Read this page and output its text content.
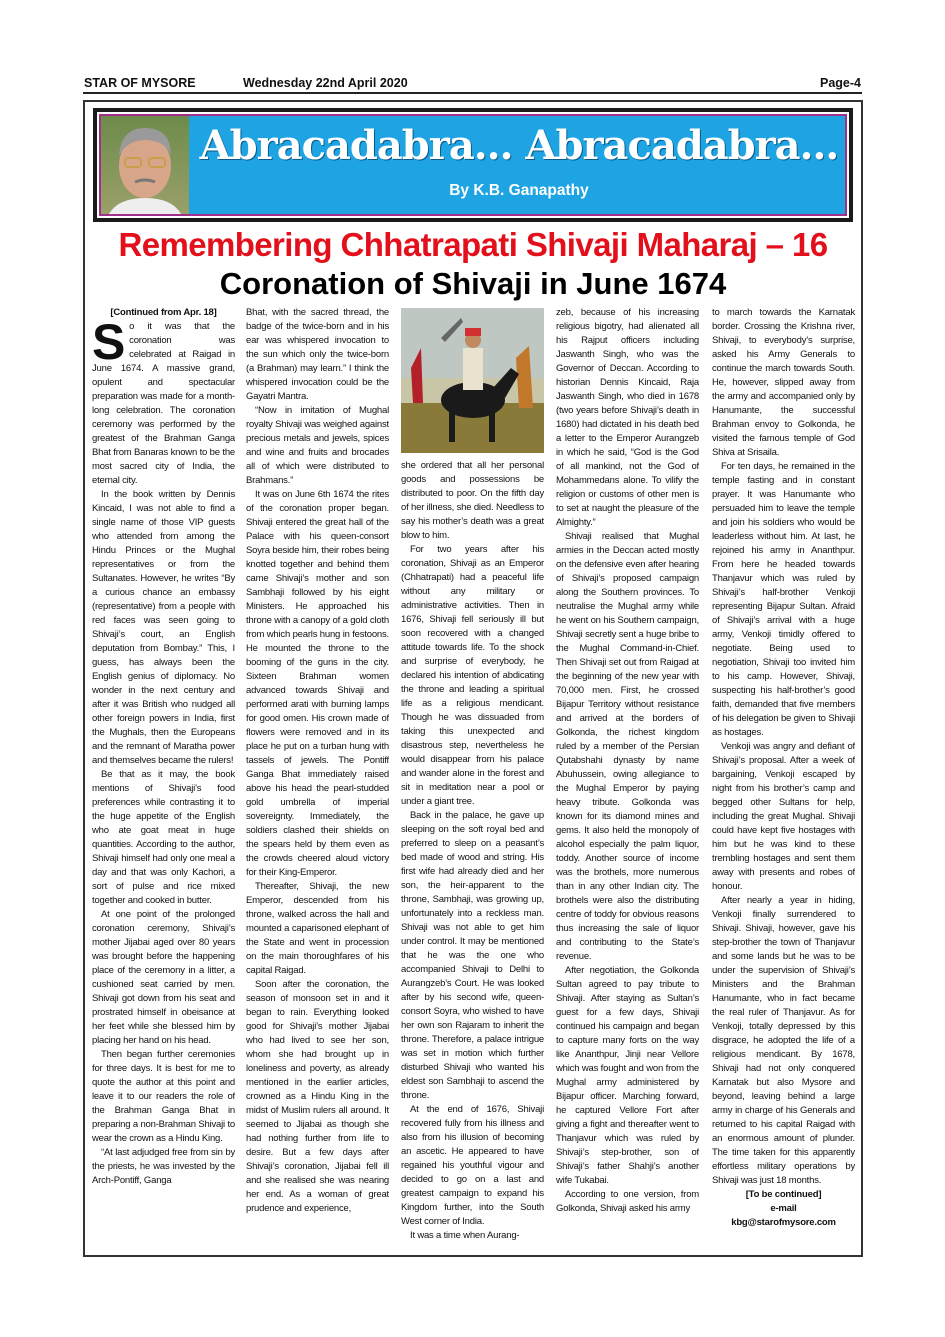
STAR OF MYSORE	Wednesday 22nd April 2020	Page-4
Abracadabra... Abracadabra...
By K.B. Ganapathy
Remembering Chhatrapati Shivaji Maharaj – 16
Coronation of Shivaji in June 1674

[Continued from Apr. 18]

S o it was that the coronation was celebrated at Raigad in June 1674. A massive grand, opulent and spectacular preparation was made for a month-long celebration. The coronation ceremony was performed by the greatest of the Brahman Ganga Bhat from Banaras known to be the most sacred city of India, the eternal city.

In the book written by Dennis Kincaid, I was not able to find a single name of those VIP guests who attended from among the Hindu Princes or the Mughal representatives or from the Sultanates. However, he writes “By a curious chance an embassy (representative) from a people with red faces was seen going to Shivaji’s court, an English deputation from Bombay.” This, I guess, has always been the English genius of diplomacy. No wonder in the next century and after it was British who nudged all other foreign powers in India, first the Mughals, then the Europeans and the remnant of Maratha power and themselves became the rulers!

Be that as it may, the book mentions of Shivaji’s food preferences while contrasting it to the huge appetite of the English who ate goat meat in huge quantities. According to the author, Shivaji himself had only one meal a day and that was only Kachori, a sort of pulse and rice mixed together and cooked in butter.

At one point of the prolonged coronation ceremony, Shivaji’s mother Jijabai aged over 80 years was brought before the happening place of the ceremony in a litter, a cushioned seat carried by men. Shivaji got down from his seat and prostrated himself in obeisance at her feet while she blessed him by placing her hand on his head.

Then began further ceremonies for three days. It is best for me to quote the author at this point and leave it to our readers the role of the Brahman Ganga Bhat in preparing a non-Brahman Shivaji to wear the crown as a Hindu King.

“At last adjudged free from sin by the priests, he was invested by the Arch-Pontiff, Ganga

Bhat, with the sacred thread, the badge of the twice-born and in his ear was whispered invocation to the sun which only the twice-born (a Brahman) may learn.” I think the whispered invocation could be the Gayatri Mantra.

“Now in imitation of Mughal royalty Shivaji was weighed against precious metals and jewels, spices and wine and fruits and brocades all of which were distributed to Brahmans.”

It was on June 6th 1674 the rites of the coronation proper began. Shivaji entered the great hall of the Palace with his queen-consort Soyra beside him, their robes being knotted together and behind them came Shivaji’s mother and son Sambhaji followed by his eight Ministers. He approached his throne with a canopy of a gold cloth from which pearls hung in festoons. He mounted the throne to the booming of the guns in the city. Sixteen Brahman women advanced towards Shivaji and performed arati with burning lamps for good omen. His crown made of flowers were removed and in its place he put on a turban hung with tassels of jewels. The Pontiff Ganga Bhat immediately raised above his head the pearl-studded gold umbrella of imperial sovereignty. Immediately, the soldiers clashed their shields on the spears held by them even as the crowds cheered aloud victory for their King-Emperor.

Thereafter, Shivaji, the new Emperor, descended from his throne, walked across the hall and mounted a caparisoned elephant of the State and went in procession on the main thoroughfares of his capital Raigad.

Soon after the coronation, the season of monsoon set in and it began to rain. Everything looked good for Shivaji’s mother Jijabai who had lived to see her son, whom she had brought up in loneliness and poverty, as already mentioned in the earlier articles, crowned as a Hindu King in the midst of Muslim rulers all around. It seemed to Jijabai as though she had nothing further from life to desire. But a few days after Shivaji’s coronation, Jijabai fell ill and she realised she was nearing her end. As a woman of great prudence and experience,

she ordered that all her personal goods and possessions be distributed to poor. On the fifth day of her illness, she died. Needless to say his mother’s death was a great blow to him.

For two years after his coronation, Shivaji as an Emperor (Chhatrapati) had a peaceful life without any military or administrative activities. Then in 1676, Shivaji fell seriously ill but soon recovered with a changed attitude towards life. To the shock and surprise of everybody, he declared his intention of abdicating the throne and leading a spiritual life as a religious mendicant. Though he was dissuaded from taking this unexpected and disastrous step, nevertheless he would disappear from his palace and wander alone in the forest and sit in meditation near a pool or under a giant tree.

Back in the palace, he gave up sleeping on the soft royal bed and preferred to sleep on a peasant’s bed made of wood and string. His first wife had already died and her son, the heir-apparent to the throne, Sambhaji, was growing up, unfortunately into a reckless man. Shivaji was not able to get him under control. It may be mentioned that he was the one who accompanied Shivaji to Delhi to Aurangzeb’s Court. He was looked after by his second wife, queen-consort Soyra, who wished to have her own son Rajaram to inherit the throne. Therefore, a palace intrigue was set in motion which further disturbed Shivaji who wanted his eldest son Sambhaji to ascend the throne.

At the end of 1676, Shivaji recovered fully from his illness and also from his illusion of becoming an ascetic. He appeared to have regained his youthful vigour and decided to go on a last and greatest campaign to expand his Kingdom further, into the South West corner of India.

It was a time when Aurang-

zeb, because of his increasing religious bigotry, had alienated all his Rajput officers including Jaswanth Singh, who was the Governor of Deccan. According to historian Dennis Kincaid, Raja Jaswanth Singh, who died in 1678 (two years before Shivaji’s death in 1680) had dictated in his death bed a letter to the Emperor Aurangzeb in which he said, “God is the God of all mankind, not the God of Mohammedans alone. To vilify the religion or customs of other men is to set at naught the pleasure of the Almighty.”

Shivaji realised that Mughal armies in the Deccan acted mostly on the defensive even after hearing of Shivaji’s proposed campaign along the Southern provinces. To neutralise the Mughal army while he went on his Southern campaign, Shivaji secretly sent a huge bribe to the Mughal Command-in-Chief. Then Shivaji set out from Raigad at the beginning of the new year with 70,000 men. First, he crossed Bijapur Territory without resistance and arrived at the borders of Golkonda, the richest kingdom ruled by a member of the Persian Qutabshahi dynasty by name Abuhussein, owing allegiance to the Mughal Emperor by paying heavy tribute. Golkonda was known for its diamond mines and gems. It also held the monopoly of alcohol especially the palm liquor, toddy. Another source of income was the brothels, more numerous than in any other Indian city. The brothels were also the distributing centre of toddy for obvious reasons thus increasing the sale of liquor and contributing to the State’s revenue.

After negotiation, the Golkonda Sultan agreed to pay tribute to Shivaji. After staying as Sultan’s guest for a few days, Shivaji continued his campaign and began to capture many forts on the way like Ananthpur, Jinji near Vellore which was fought and won from the Mughal army administered by Bijapur officer. Marching forward, he captured Vellore Fort after giving a fight and thereafter went to Thanjavur which was ruled by Shivaji’s step-brother, son of Shivaji’s father Shahji’s another wife Tukabai.

According to one version, from Golkonda, Shivaji asked his army

to march towards the Karnatak border. Crossing the Krishna river, Shivaji, to everybody’s surprise, asked his Army Generals to continue the march towards South. He, however, slipped away from the army and accompanied only by Hanumante, the successful Brahman envoy to Golkonda, he visited the famous temple of God Shiva at Srisaila.

For ten days, he remained in the temple fasting and in constant prayer. It was Hanumante who persuaded him to leave the temple and join his soldiers who would be leaderless without him. At last, he rejoined his army in Ananthpur. From here he headed towards Thanjavur which was ruled by Shivaji’s half-brother Venkoji representing Bijapur Sultan. Afraid of Shivaji’s arrival with a huge army, Venkoji timidly offered to negotiate. Being used to negotiation, Shivaji too invited him to his camp. However, Shivaji, suspecting his half-brother’s good faith, demanded that five members of his delegation be given to Shivaji as hostages.

Venkoji was angry and defiant of Shivaji’s proposal. After a week of bargaining, Venkoji escaped by night from his brother’s camp and begged other Sultans for help, including the great Mughal. Shivaji could have kept five hostages with him but he was kind to these trembling hostages and sent them away with presents and robes of honour.

After nearly a year in hiding, Venkoji finally surrendered to Shivaji. Shivaji, however, gave his step-brother the town of Thanjavur and some lands but he was to be under the supervision of Shivaji’s Ministers and the Brahman Hanumante, who in fact became the real ruler of Thanjavur. As for Venkoji, totally depressed by this disgrace, he adopted the life of a religious mendicant. By 1678, Shivaji had not only conquered Karnatak but also Mysore and beyond, leaving behind a large army in charge of his Generals and returned to his capital Raigad with an enormous amount of plunder. The time taken for this apparently effortless military operations by Shivaji was just 18 months.

[To be continued]
e-mail
kbg@starofmysore.com
